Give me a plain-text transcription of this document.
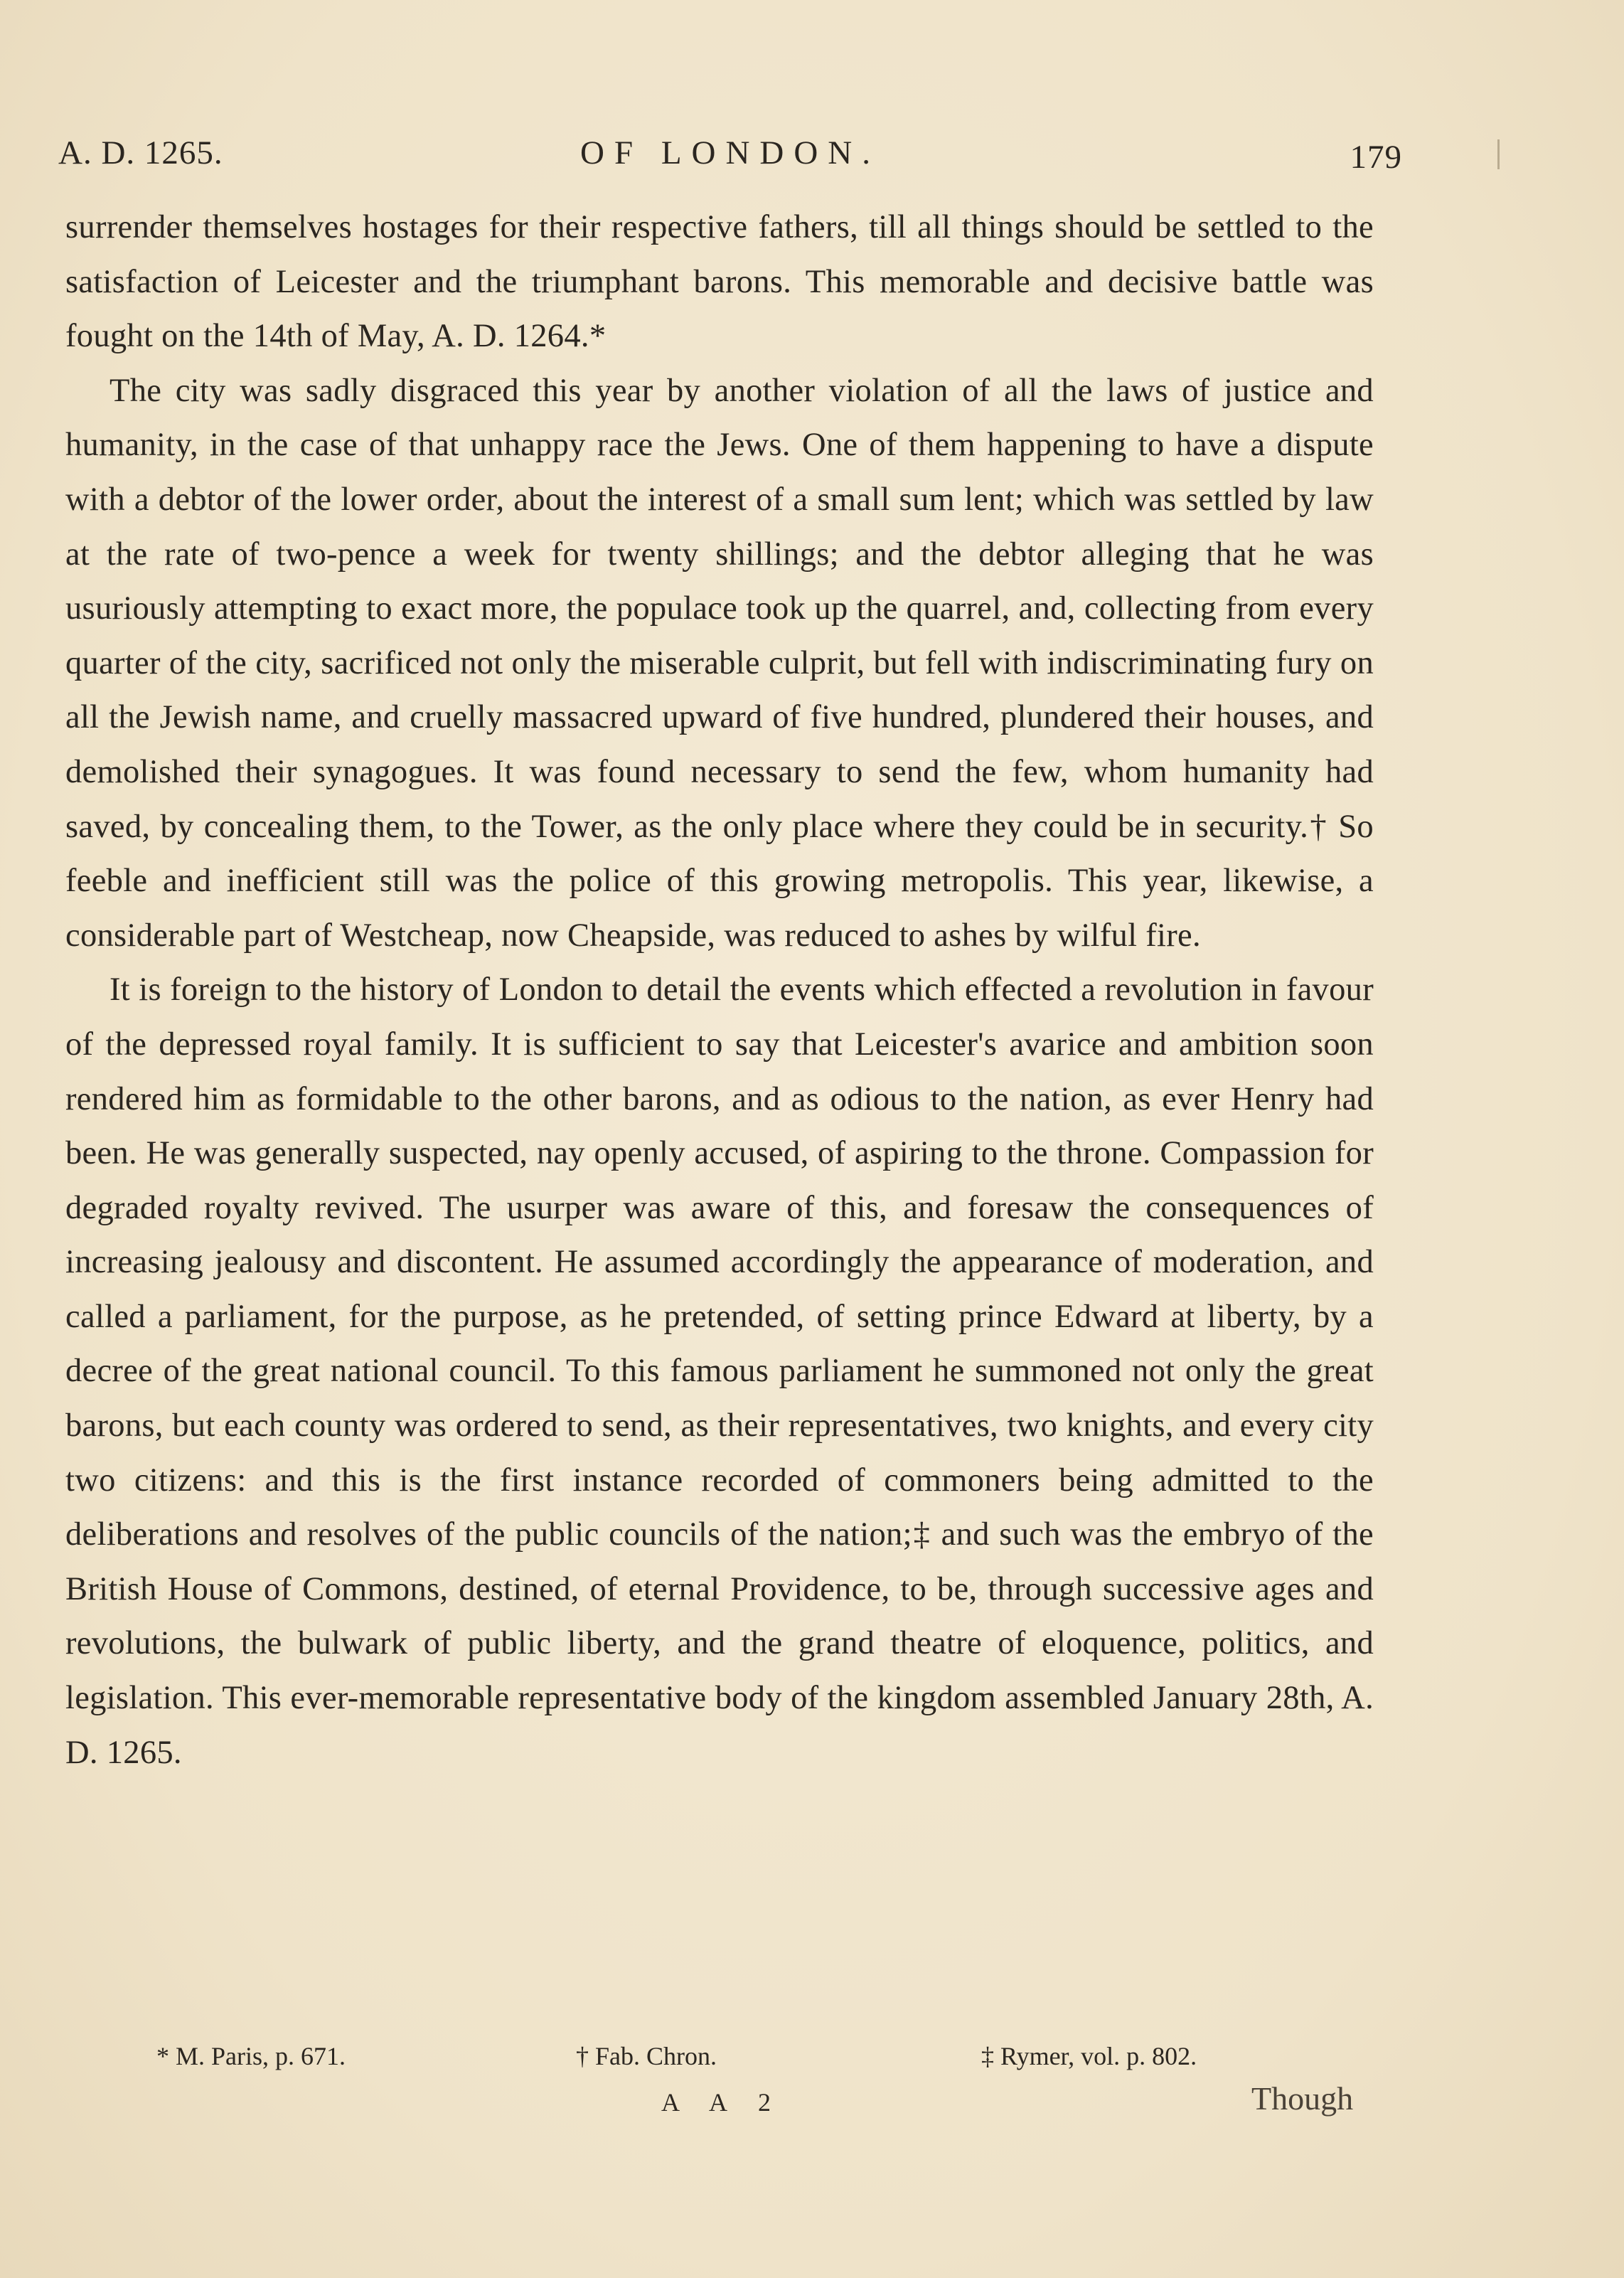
A. D. 1265.	OF LONDON.	179

surrender themselves hostages for their respective fathers, till all things should be settled to the satisfaction of Leicester and the triumphant barons. This memorable and decisive battle was fought on the 14th of May, A. D. 1264.*

The city was sadly disgraced this year by another violation of all the laws of justice and humanity, in the case of that unhappy race the Jews. One of them happening to have a dispute with a debtor of the lower order, about the interest of a small sum lent; which was settled by law at the rate of two-pence a week for twenty shillings; and the debtor alleging that he was usuriously attempting to exact more, the populace took up the quarrel, and, collecting from every quarter of the city, sacrificed not only the miserable culprit, but fell with indiscriminating fury on all the Jewish name, and cruelly massacred upward of five hundred, plundered their houses, and demolished their synagogues. It was found necessary to send the few, whom humanity had saved, by concealing them, to the Tower, as the only place where they could be in security.† So feeble and inefficient still was the police of this growing metropolis. This year, likewise, a considerable part of Westcheap, now Cheapside, was reduced to ashes by wilful fire.

It is foreign to the history of London to detail the events which effected a revolution in favour of the depressed royal family. It is sufficient to say that Leicester's avarice and ambition soon rendered him as formidable to the other barons, and as odious to the nation, as ever Henry had been. He was generally suspected, nay openly accused, of aspiring to the throne. Compassion for degraded royalty revived. The usurper was aware of this, and foresaw the consequences of increasing jealousy and discontent. He assumed accordingly the appearance of moderation, and called a parliament, for the purpose, as he pretended, of setting prince Edward at liberty, by a decree of the great national council. To this famous parliament he summoned not only the great barons, but each county was ordered to send, as their representatives, two knights, and every city two citizens: and this is the first instance recorded of commoners being admitted to the deliberations and resolves of the public councils of the nation;‡ and such was the embryo of the British House of Commons, destined, of eternal Providence, to be, through successive ages and revolutions, the bulwark of public liberty, and the grand theatre of eloquence, politics, and legislation. This ever-memorable representative body of the kingdom assembled January 28th, A. D. 1265.

* M. Paris, p. 671.	† Fab. Chron.	‡ Rymer, vol. p. 802.
A A 2	Though
